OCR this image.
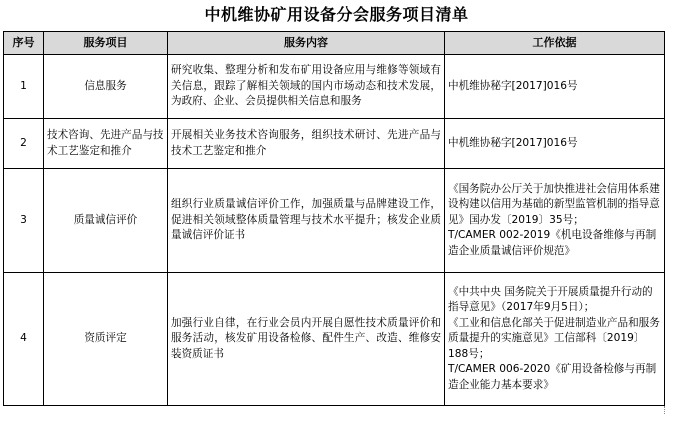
中机维协矿用设备分会服务项目清单
序号	服务项目	服务内容	工作依据
1	信息服务	研究收集、整理分析和发布矿用设备应用与维修等领域有关信息，跟踪了解相关领域的国内市场动态和技术发展，为政府、企业、会员提供相关信息和服务	中机维协秘字[2017]016号

2	技术咨询、先进产品与技术工艺鉴定和推介	开展相关业务技术咨询服务，组织技术研讨、先进产品与技术工艺鉴定和推介	中机维协秘字[2017]016号

3	质量诚信评价	组织行业质量诚信评价工作，加强质量与品牌建设工作，促进相关领域整体质量管理与技术水平提升；核发企业质量诚信评价证书	《国务院办公厅关于加快推进社会信用体系建设构建以信用为基础的新型监管机制的指导意见》国办发〔2019〕35号；
T/CAMER 002-2019《机电设备维修与再制造企业质量诚信评价规范》

4	资质评定	加强行业自律，在行业会员内开展自愿性技术质量评价和服务活动，核发矿用设备检修、配件生产、改造、维修安装资质证书	《中共中央 国务院关于开展质量提升行动的指导意见》（2017年9月5日）；
《工业和信息化部关于促进制造业产品和服务质量提升的实施意见》工信部科〔2019〕188号；
T/CAMER 006-2020《矿用设备检修与再制造企业能力基本要求》
